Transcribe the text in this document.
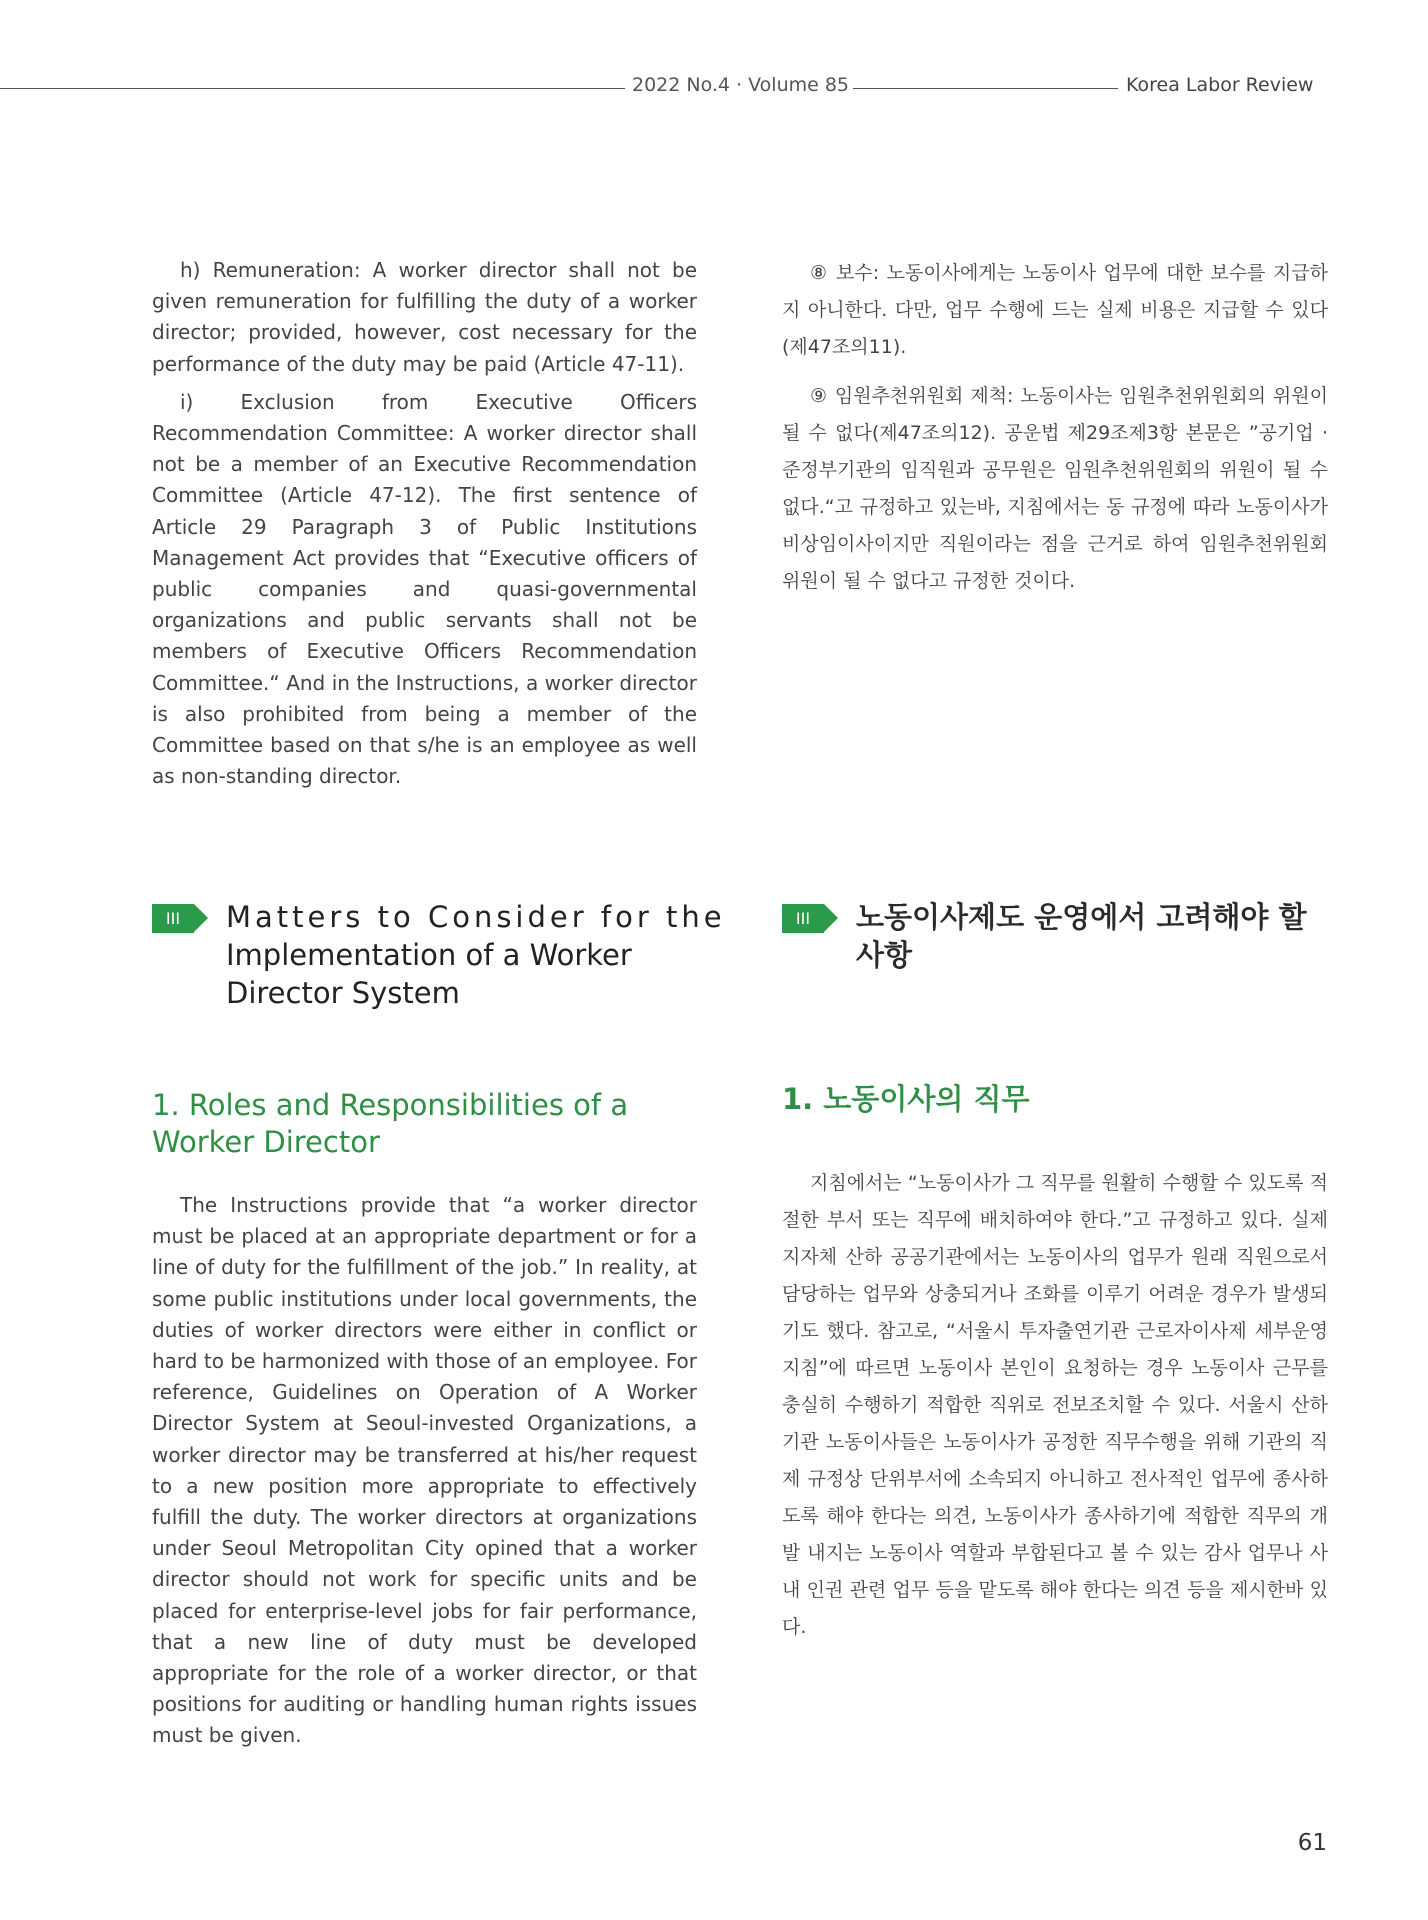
2022 No.4 · Volume 85	Korea Labor Review

h) Remuneration: A worker director shall not be given remuneration for fulfilling the duty of a worker director; provided, however, cost necessary for the performance of the duty may be paid (Article 47-11).

i) Exclusion from Executive Officers Recommendation Committee: A worker director shall not be a member of an Executive Recommendation Committee (Article 47-12). The first sentence of Article 29 Paragraph 3 of Public Institutions Management Act provides that “Executive officers of public companies and quasi-governmental organizations and public servants shall not be members of Executive Officers Recommendation Committee.“ And in the Instructions, a worker director is also prohibited from being a member of the Committee based on that s/he is an employee as well as non-standing director.

⑧ 보수: 노동이사에게는 노동이사 업무에 대한 보수를 지급하지 아니한다. 다만, 업무 수행에 드는 실제 비용은 지급할 수 있다(제47조의11).

⑨ 임원추천위원회 제척: 노동이사는 임원추천위원회의 위원이 될 수 없다(제47조의12). 공운법 제29조제3항 본문은 ”공기업 · 준정부기관의 임직원과 공무원은 임원추천위원회의 위원이 될 수 없다.“고 규정하고 있는바, 지침에서는 동 규정에 따라 노동이사가 비상임이사이지만 직원이라는 점을 근거로 하여 임원추천위원회 위원이 될 수 없다고 규정한 것이다.

III	Matters to Consider for the
Implementation of a Worker Director System
III	노동이사제도 운영에서 고려해야 할 사항
1. Roles and Responsibilities of a Worker Director
1. 노동이사의 직무

The Instructions provide that “a worker director must be placed at an appropriate department or for a line of duty for the fulfillment of the job.” In reality, at some public institutions under local governments, the duties of worker directors were either in conflict or hard to be harmonized with those of an employee. For reference, Guidelines on Operation of A Worker Director System at Seoul-invested Organizations, a worker director may be transferred at his/her request to a new position more appropriate to effectively fulfill the duty. The worker directors at organizations under Seoul Metropolitan City opined that a worker director should not work for specific units and be placed for enterprise-level jobs for fair performance, that a new line of duty must be developed appropriate for the role of a worker director, or that positions for auditing or handling human rights issues must be given.

지침에서는 “노동이사가 그 직무를 원활히 수행할 수 있도록 적절한 부서 또는 직무에 배치하여야 한다.”고 규정하고 있다. 실제 지자체 산하 공공기관에서는 노동이사의 업무가 원래 직원으로서 담당하는 업무와 상충되거나 조화를 이루기 어려운 경우가 발생되기도 했다. 참고로, “서울시 투자출연기관 근로자이사제 세부운영지침”에 따르면 노동이사 본인이 요청하는 경우 노동이사 근무를 충실히 수행하기 적합한 직위로 전보조치할 수 있다. 서울시 산하기관 노동이사들은 노동이사가 공정한 직무수행을 위해 기관의 직제 규정상 단위부서에 소속되지 아니하고 전사적인 업무에 종사하도록 해야 한다는 의견, 노동이사가 종사하기에 적합한 직무의 개발 내지는 노동이사 역할과 부합된다고 볼 수 있는 감사 업무나 사내 인권 관련 업무 등을 맡도록 해야 한다는 의견 등을 제시한바 있다.

61
